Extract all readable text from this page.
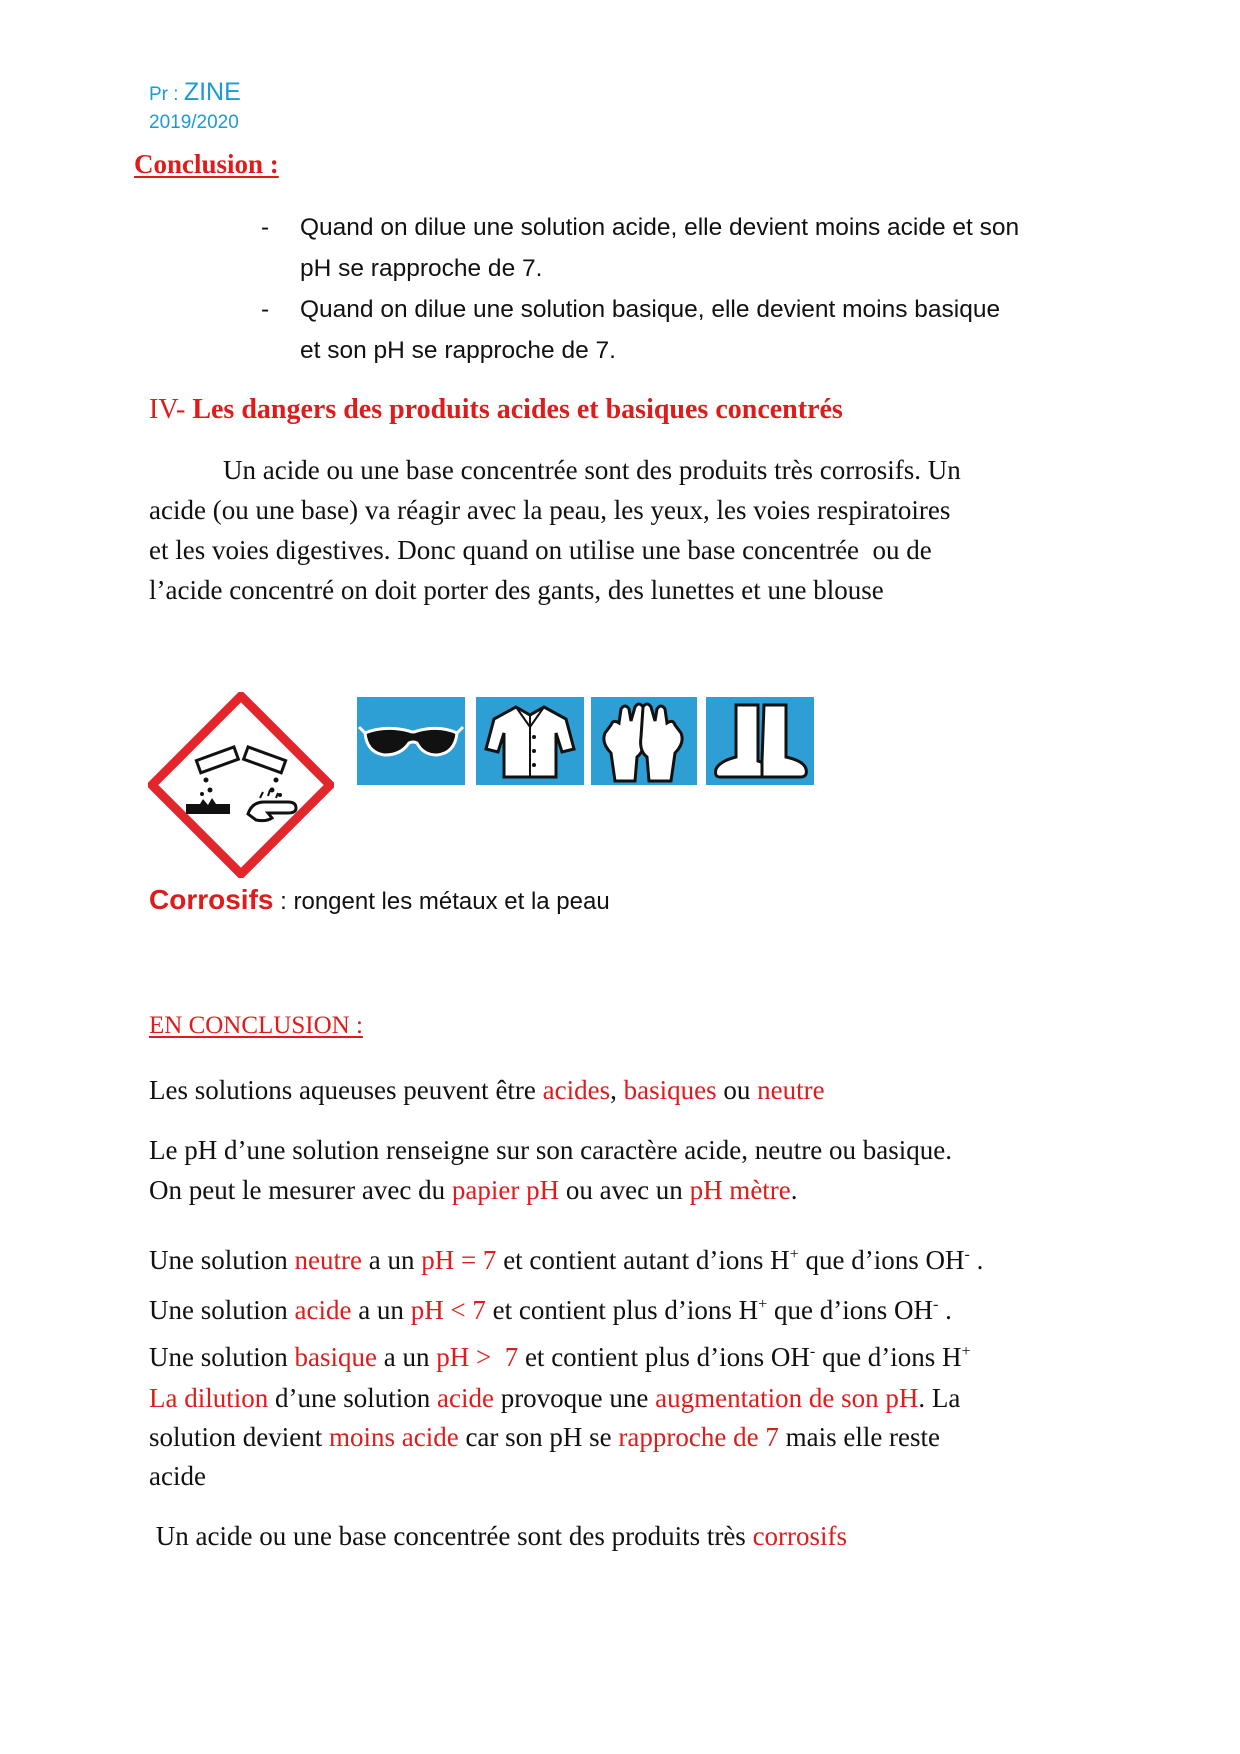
Pr : ZINE
2019/2020
Conclusion :
- Quand on dilue une solution acide, elle devient moins acide et son
pH se rapproche de 7.
- Quand on dilue une solution basique, elle devient moins basique
et son pH se rapproche de 7.
IV- Les dangers des produits acides et basiques concentrés
Un acide ou une base concentrée sont des produits très corrosifs. Un
acide (ou une base) va réagir avec la peau, les yeux, les voies respiratoires
et les voies digestives. Donc quand on utilise une base concentrée  ou de
l’acide concentré on doit porter des gants, des lunettes et une blouse
Corrosifs : rongent les métaux et la peau
EN CONCLUSION :
Les solutions aqueuses peuvent être acides, basiques ou neutre
Le pH d’une solution renseigne sur son caractère acide, neutre ou basique.
On peut le mesurer avec du papier pH ou avec un pH mètre.
Une solution neutre a un pH = 7 et contient autant d’ions H+ que d’ions OH- .
Une solution acide a un pH < 7 et contient plus d’ions H+ que d’ions OH- .
Une solution basique a un pH >  7 et contient plus d’ions OH- que d’ions H+
La dilution d’une solution acide provoque une augmentation de son pH. La
solution devient moins acide car son pH se rapproche de 7 mais elle reste
acide
Un acide ou une base concentrée sont des produits très corrosifs
